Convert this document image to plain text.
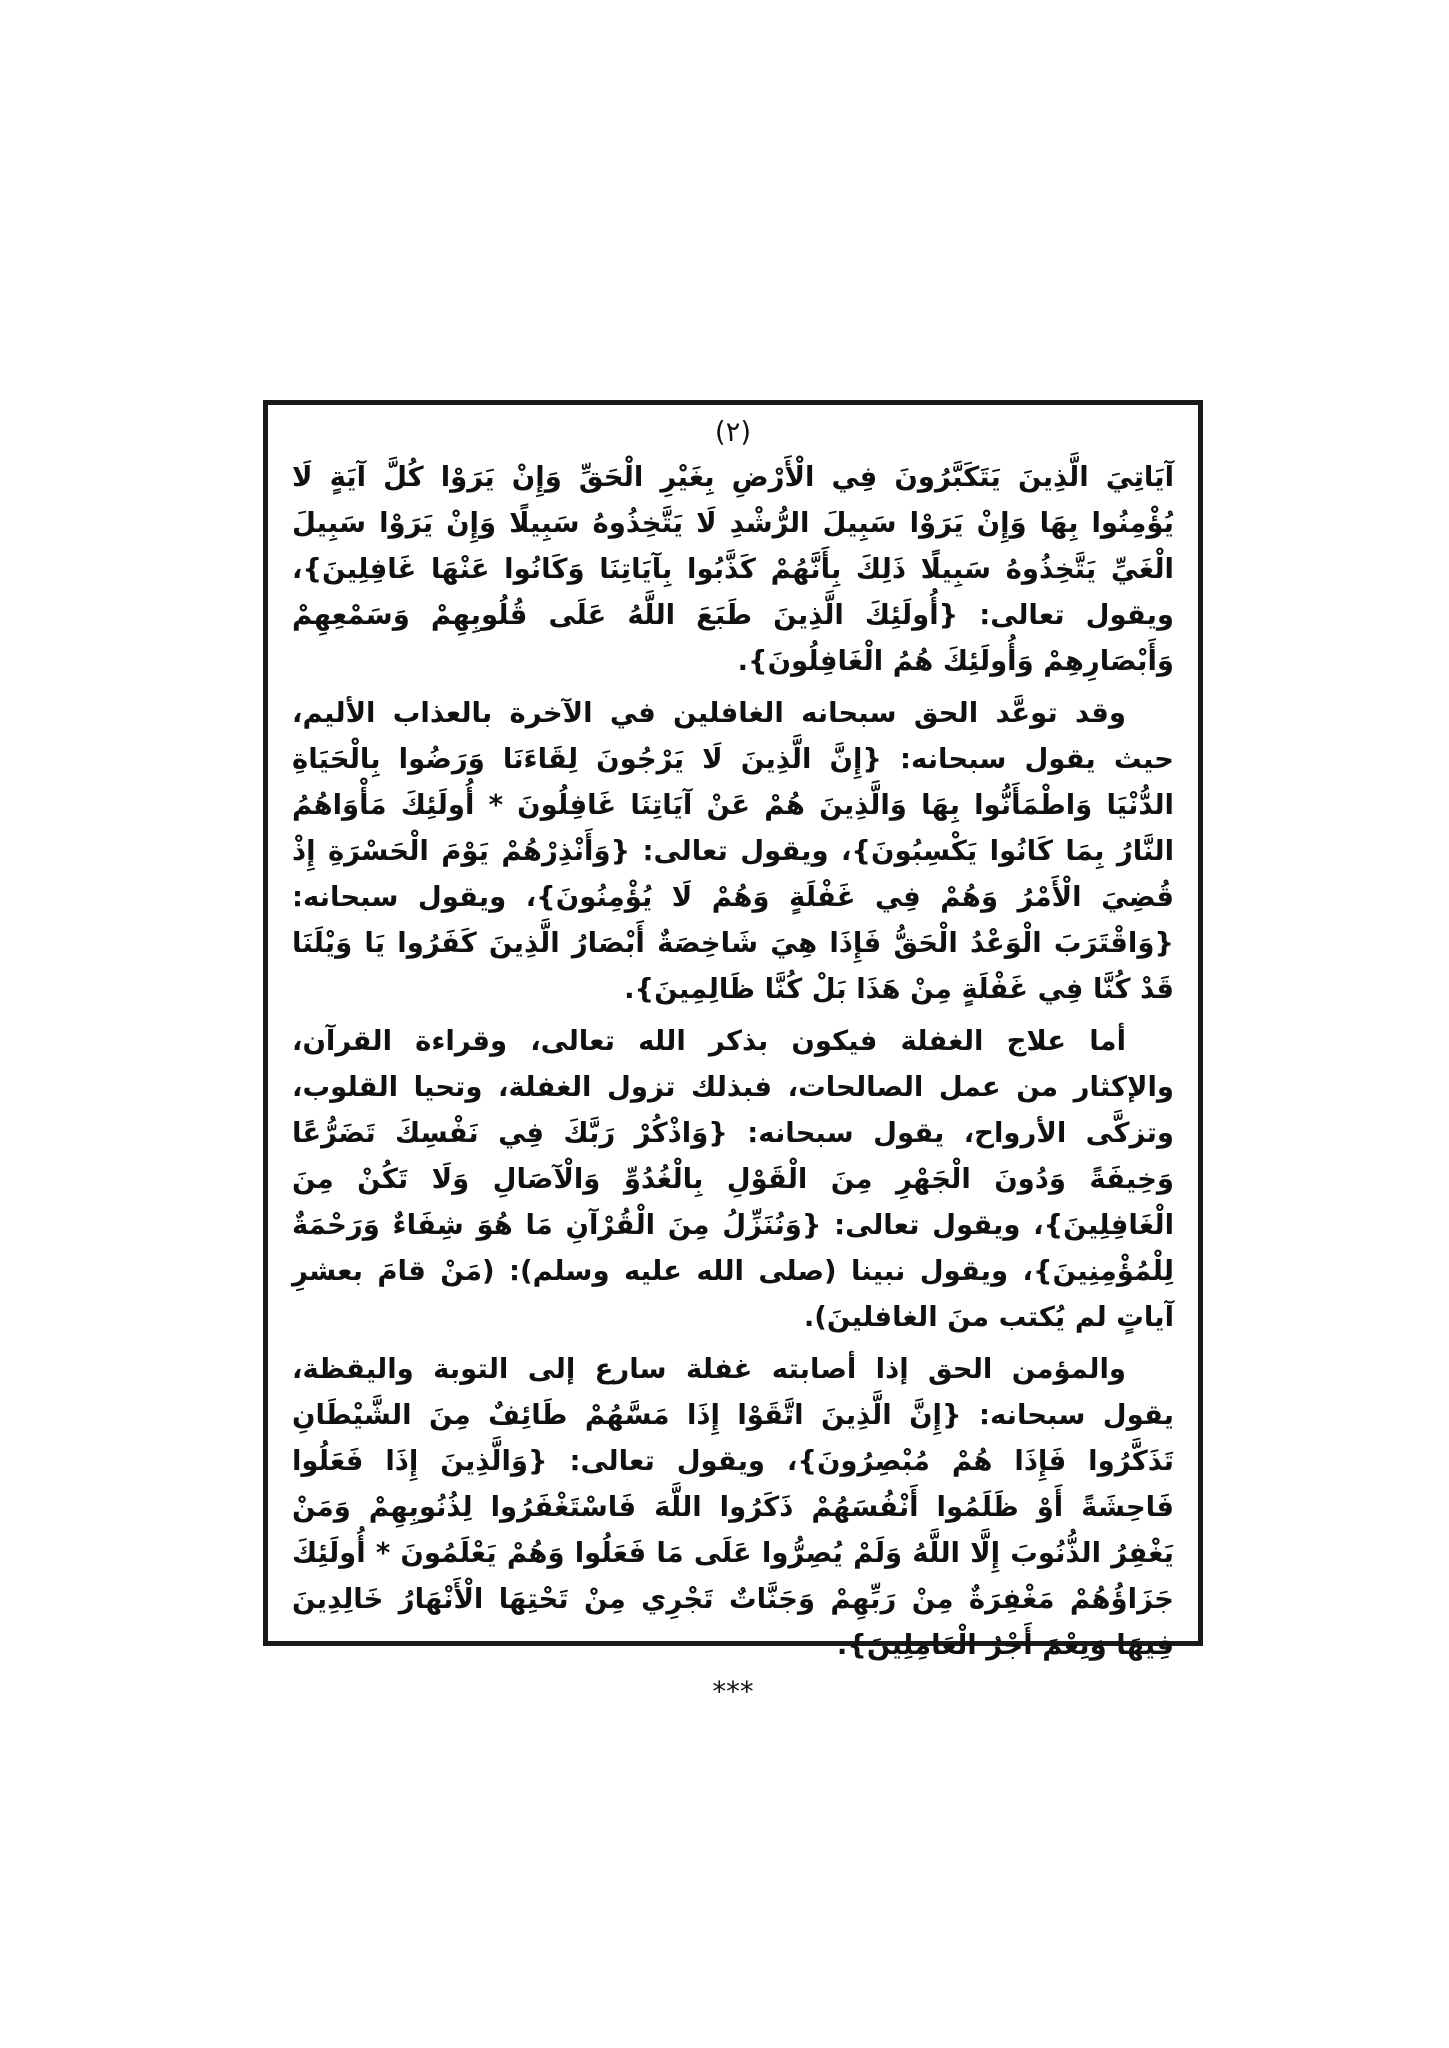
(٢)

آيَاتِيَ الَّذِينَ يَتَكَبَّرُونَ فِي الْأَرْضِ بِغَيْرِ الْحَقِّ وَإِنْ يَرَوْا كُلَّ آيَةٍ لَا يُؤْمِنُوا بِهَا وَإِنْ يَرَوْا سَبِيلَ الرُّشْدِ لَا يَتَّخِذُوهُ سَبِيلًا وَإِنْ يَرَوْا سَبِيلَ الْغَيِّ يَتَّخِذُوهُ سَبِيلًا ذَلِكَ بِأَنَّهُمْ كَذَّبُوا بِآيَاتِنَا وَكَانُوا عَنْهَا غَافِلِينَ}، ويقول تعالى: {أُولَئِكَ الَّذِينَ طَبَعَ اللَّهُ عَلَى قُلُوبِهِمْ وَسَمْعِهِمْ وَأَبْصَارِهِمْ وَأُولَئِكَ هُمُ الْغَافِلُونَ}.

وقد توعَّد الحق سبحانه الغافلين في الآخرة بالعذاب الأليم، حيث يقول سبحانه: {إِنَّ الَّذِينَ لَا يَرْجُونَ لِقَاءَنَا وَرَضُوا بِالْحَيَاةِ الدُّنْيَا وَاطْمَأَنُّوا بِهَا وَالَّذِينَ هُمْ عَنْ آيَاتِنَا غَافِلُونَ * أُولَئِكَ مَأْوَاهُمُ النَّارُ بِمَا كَانُوا يَكْسِبُونَ}، ويقول تعالى: {وَأَنْذِرْهُمْ يَوْمَ الْحَسْرَةِ إِذْ قُضِيَ الْأَمْرُ وَهُمْ فِي غَفْلَةٍ وَهُمْ لَا يُؤْمِنُونَ}، ويقول سبحانه: {وَاقْتَرَبَ الْوَعْدُ الْحَقُّ فَإِذَا هِيَ شَاخِصَةٌ أَبْصَارُ الَّذِينَ كَفَرُوا يَا وَيْلَنَا قَدْ كُنَّا فِي غَفْلَةٍ مِنْ هَذَا بَلْ كُنَّا ظَالِمِينَ}.

أما علاج الغفلة فيكون بذكر الله تعالى، وقراءة القرآن، والإكثار من عمل الصالحات، فبذلك تزول الغفلة، وتحيا القلوب، وتزكَّى الأرواح، يقول سبحانه: {وَاذْكُرْ رَبَّكَ فِي نَفْسِكَ تَضَرُّعًا وَخِيفَةً وَدُونَ الْجَهْرِ مِنَ الْقَوْلِ بِالْغُدُوِّ وَالْآصَالِ وَلَا تَكُنْ مِنَ الْغَافِلِينَ}، ويقول تعالى: {وَنُنَزِّلُ مِنَ الْقُرْآنِ مَا هُوَ شِفَاءٌ وَرَحْمَةٌ لِلْمُؤْمِنِينَ}، ويقول نبينا (صلى الله عليه وسلم): (مَنْ قامَ بعشرِ آياتٍ لم يُكتب منَ الغافلينَ).

والمؤمن الحق إذا أصابته غفلة سارع إلى التوبة واليقظة، يقول سبحانه: {إِنَّ الَّذِينَ اتَّقَوْا إِذَا مَسَّهُمْ طَائِفٌ مِنَ الشَّيْطَانِ تَذَكَّرُوا فَإِذَا هُمْ مُبْصِرُونَ}، ويقول تعالى: {وَالَّذِينَ إِذَا فَعَلُوا فَاحِشَةً أَوْ ظَلَمُوا أَنْفُسَهُمْ ذَكَرُوا اللَّهَ فَاسْتَغْفَرُوا لِذُنُوبِهِمْ وَمَنْ يَغْفِرُ الذُّنُوبَ إِلَّا اللَّهُ وَلَمْ يُصِرُّوا عَلَى مَا فَعَلُوا وَهُمْ يَعْلَمُونَ * أُولَئِكَ جَزَاؤُهُمْ مَغْفِرَةٌ مِنْ رَبِّهِمْ وَجَنَّاتٌ تَجْرِي مِنْ تَحْتِهَا الْأَنْهَارُ خَالِدِينَ فِيهَا وَنِعْمَ أَجْرُ الْعَامِلِينَ}.

***
